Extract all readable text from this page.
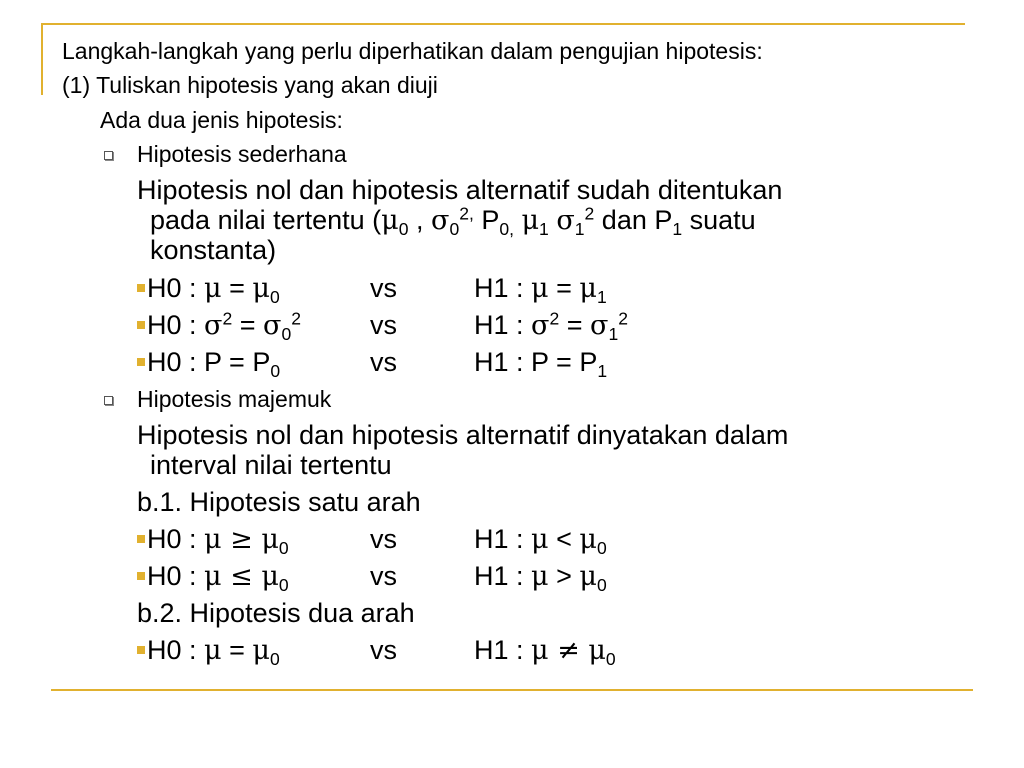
Langkah-langkah yang perlu diperhatikan dalam pengujian hipotesis:
(1) Tuliskan hipotesis yang akan diuji
Ada dua jenis hipotesis:
Hipotesis sederhana
Hipotesis nol dan hipotesis alternatif sudah ditentukan
pada nilai tertentu ($\mu_0$ , $\sigma_0^{2,}$ $P_{0,}$ $\mu_1$ $\sigma_1^2$ dan $P_1$ suatu
konstanta)
H0 : $\mu = \mu_0$	vs	H1 : $\mu = \mu_1$
H0 : $\sigma^2 = \sigma_0^2$	vs	H1 : $\sigma^2 = \sigma_1^2$
H0 : $P = P_0$	vs	H1 : $P = P_1$
Hipotesis majemuk
Hipotesis nol dan hipotesis alternatif dinyatakan dalam
interval nilai tertentu
b.1. Hipotesis satu arah
H0 : $\mu \ge \mu_0$	vs	H1 : $\mu < \mu_0$
H0 : $\mu \le \mu_0$	vs	H1 : $\mu > \mu_0$
b.2. Hipotesis dua arah
H0 : $\mu = \mu_0$	vs	H1 : $\mu \ne \mu_0$
